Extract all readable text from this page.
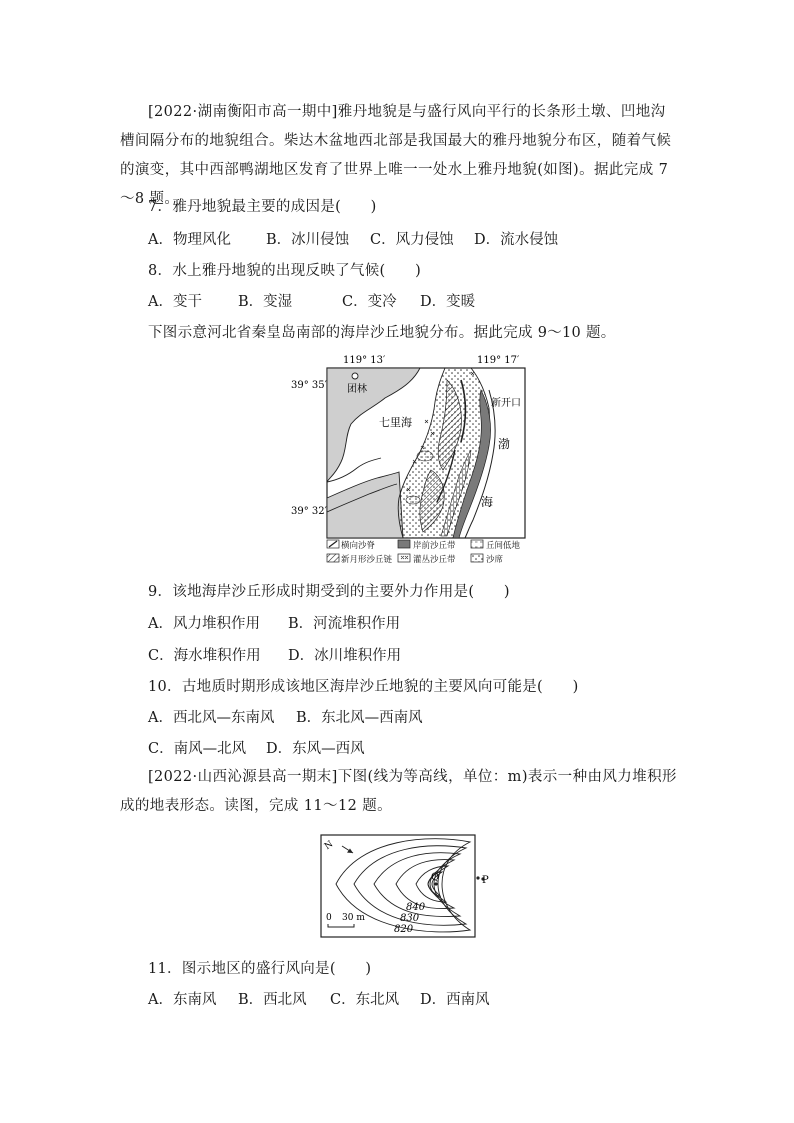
[2022·湖南衡阳市高一期中]雅丹地貌是与盛行风向平行的长条形土墩、凹地沟槽间隔分布的地貌组合。柴达木盆地西北部是我国最大的雅丹地貌分布区，随着气候的演变，其中西部鸭湖地区发育了世界上唯一一处水上雅丹地貌(如图)。据此完成 7～8 题。
7．雅丹地貌最主要的成因是(　　)
A．物理风化 B．冰川侵蚀 C．风力侵蚀 D．流水侵蚀
8．水上雅丹地貌的出现反映了气候(　　)
A．变干 B．变湿	C．变冷 D．变暖
下图示意河北省秦皇岛南部的海岸沙丘地貌分布。据此完成 9～10 题。
119° 13′	119° 17′
39° 35′
39° 32′
团林
七里海
新开口
渤
海
横向沙脊	岸前沙丘带	丘间低地
新月形沙丘链 灌丛沙丘带	沙席
9．该地海岸沙丘形成时期受到的主要外力作用是(　　)
A．风力堆积作用 B．河流堆积作用
C．海水堆积作用 D．冰川堆积作用
10．古地质时期形成该地区海岸沙丘地貌的主要风向可能是(　　)
A．西北风—东南风 B．东北风—西南风
C．南风—北风 D．东风—西风
[2022·山西沁源县高一期末]下图(线为等高线，单位：m)表示一种由风力堆积形成的地表形态。读图，完成 11～12 题。
N
Q	P
840
830
820
0 30 m
11．图示地区的盛行风向是(　　)
A．东南风 B．西北风 C．东北风 D．西南风
